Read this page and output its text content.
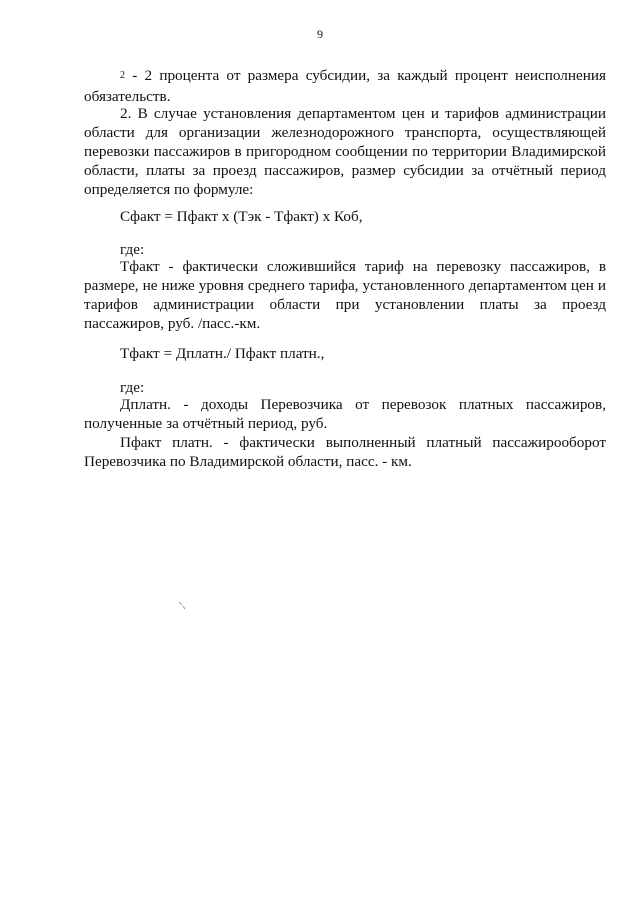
9

$^2$ - 2 процента от размера субсидии, за каждый процент неисполнения обязательств.

2. В случае установления департаментом цен и тарифов администрации области для организации железнодорожного транспорта, осуществляющей перевозки пассажиров в пригородном сообщении по территории Владимирской области, платы за проезд пассажиров, размер субсидии за отчётный период определяется по формуле:

Сфакт = Пфакт х (Тэк - Тфакт) х Коб,
где:

Тфакт - фактически сложившийся тариф на перевозку пассажиров, в размере, не ниже уровня среднего тарифа, установленного департаментом цен и тарифов администрации области при установлении платы за проезд пассажиров, руб. /пасс.-км.

Тфакт = Дплатн./ Пфакт платн.,
где:

Дплатн. - доходы Перевозчика от перевозок платных пассажиров, полученные за отчётный период, руб.

Пфакт платн. - фактически выполненный платный пассажирооборот Перевозчика по Владимирской области, пасс. - км.
